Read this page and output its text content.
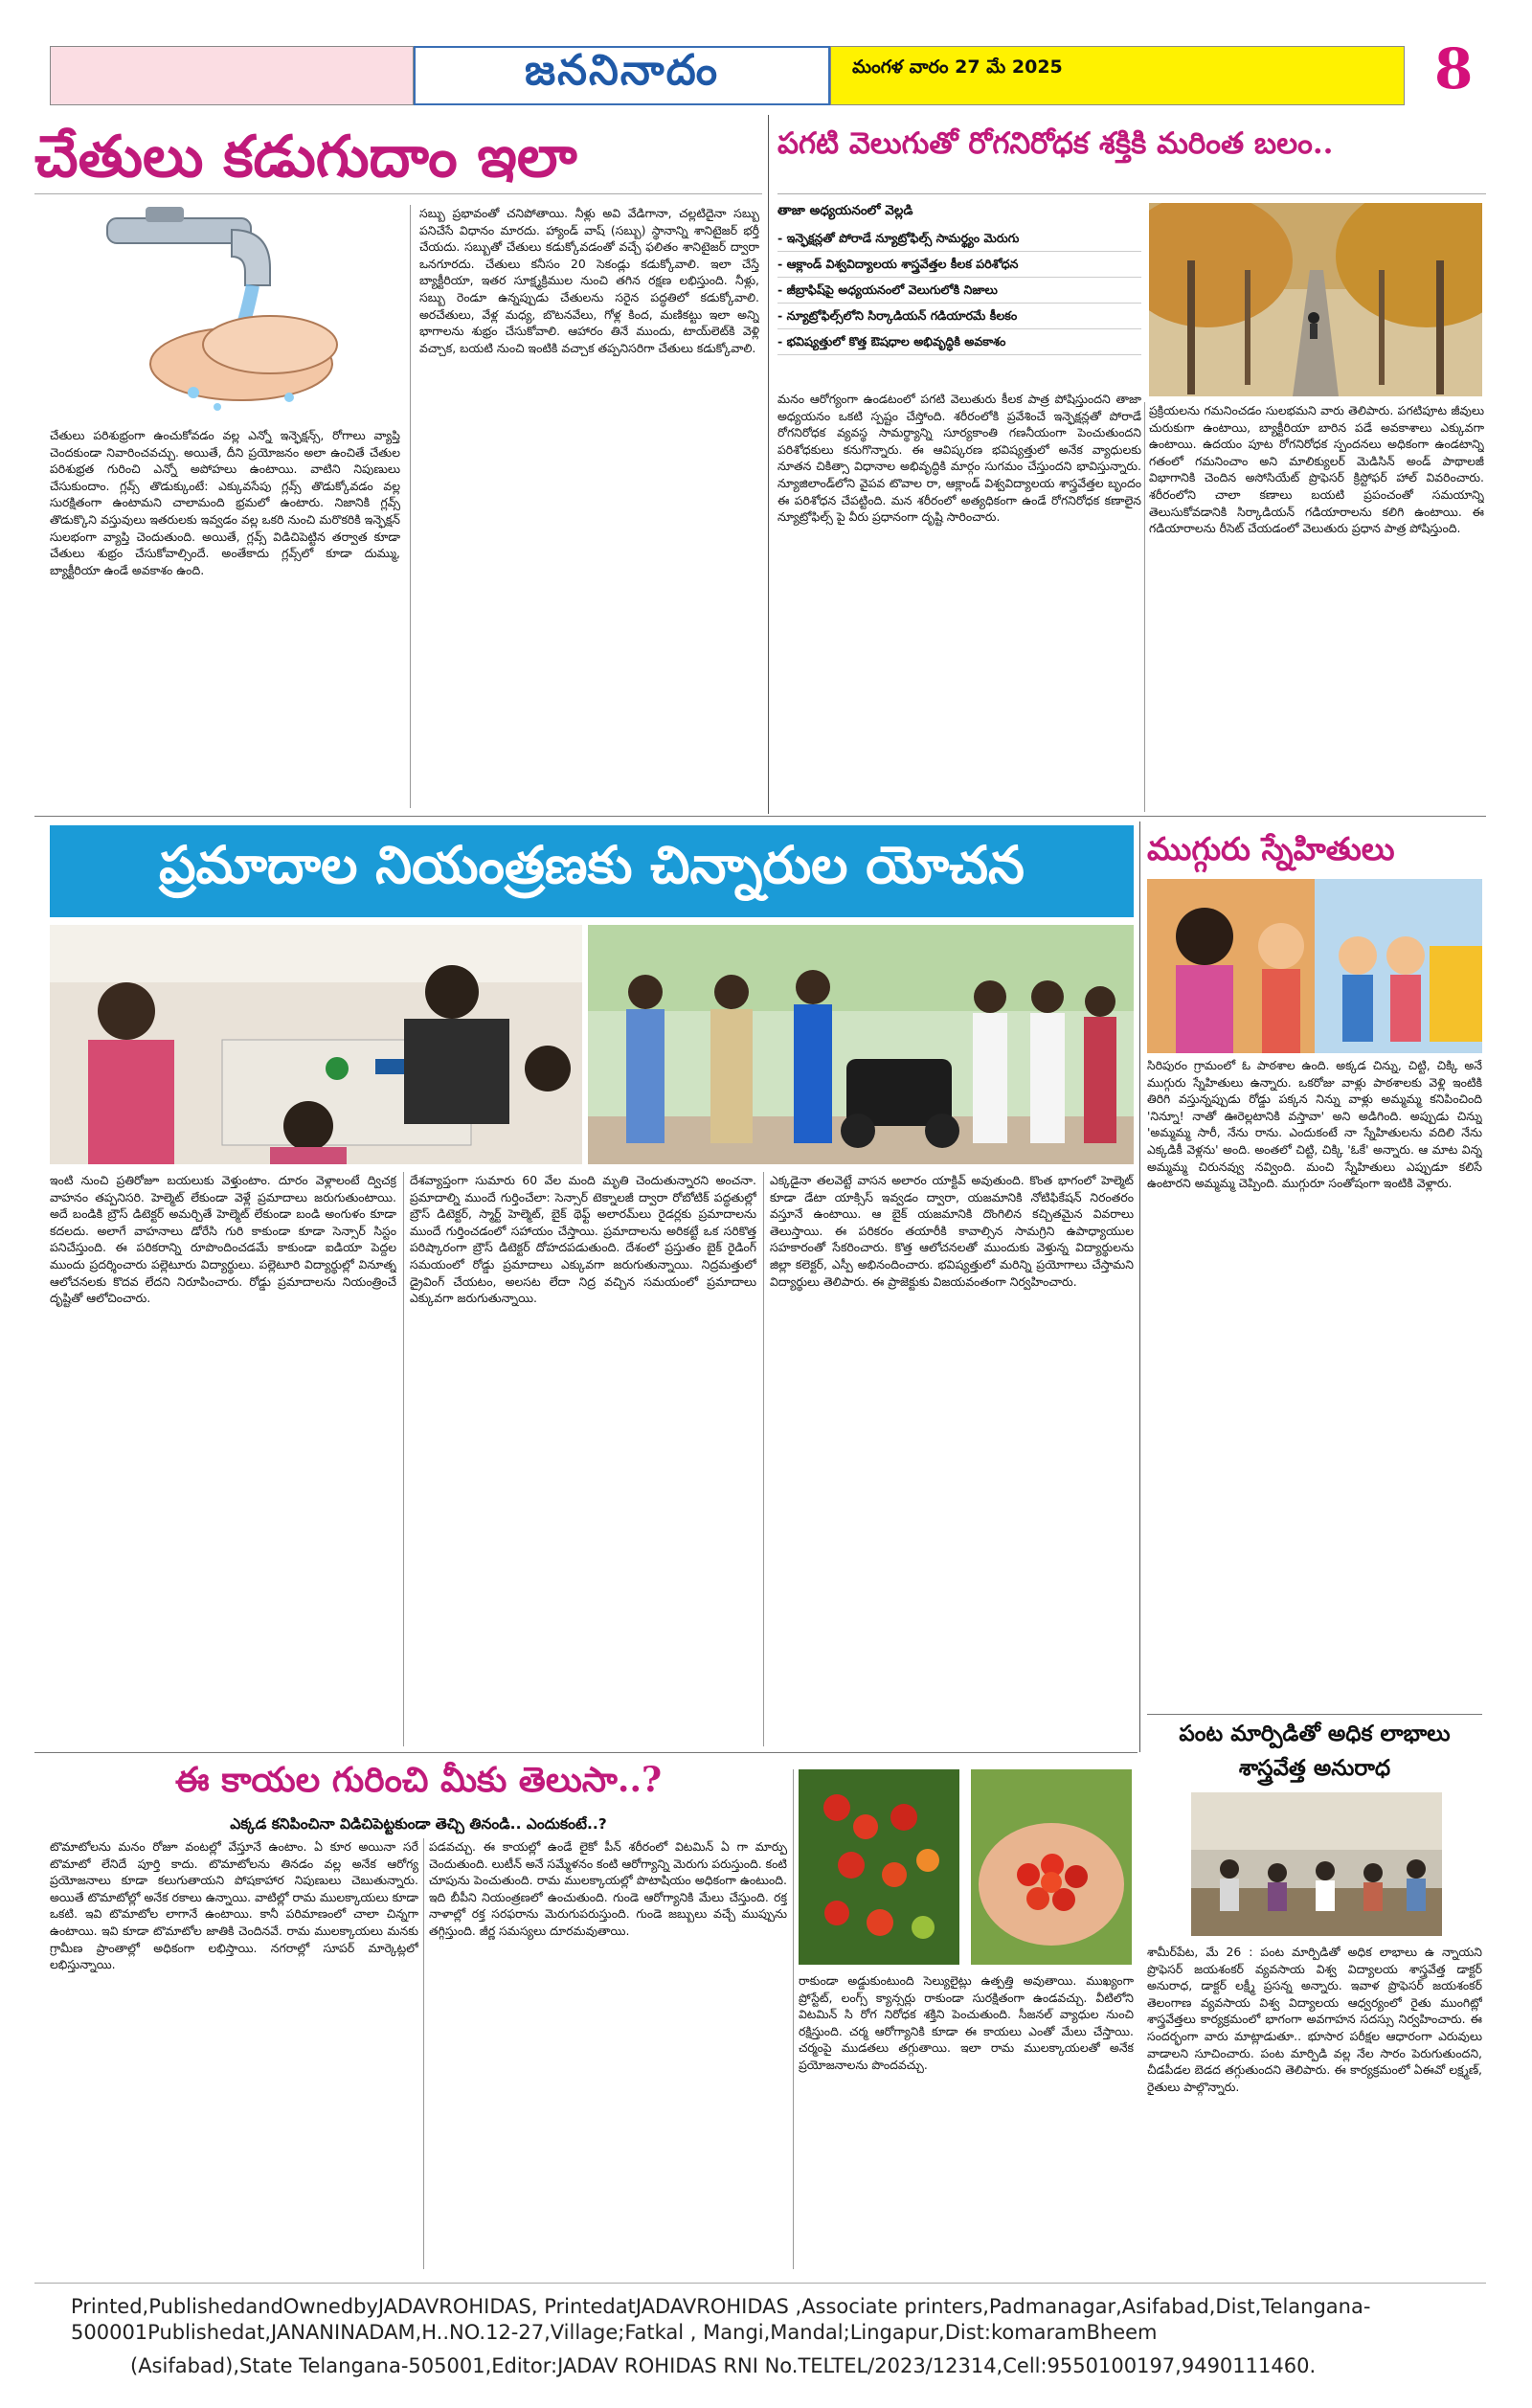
జననినాదం	మంగళ వారం 27 మే 2025	8
చేతులు కడుగుదాం ఇలా
చేతులు పరిశుభ్రంగా ఉంచుకోవడం వల్ల ఎన్నో ఇన్ఫెక్షన్స్, రోగాలు వ్యాప్తి చెందకుండా నివారించవచ్చు. అయితే, దీని ప్రయోజనం అలా ఉంచితే చేతుల పరిశుభ్రత గురించి ఎన్నో అపోహలు ఉంటాయి. వాటిని నిపుణులు చేసుకుందాం. గ్లవ్స్ తొడుక్కుంటే: ఎక్కువసేపు గ్లవ్స్ తొడుక్కోవడం వల్ల సురక్షితంగా ఉంటామని చాలామంది భ్రమలో ఉంటారు. నిజానికి గ్లవ్స్ తొడుక్కొని వస్తువులు ఇతరులకు ఇవ్వడం వల్ల ఒకరి నుంచి మరొకరికి ఇన్ఫెక్షన్ సులభంగా వ్యాప్తి చెందుతుంది. అయితే, గ్లవ్స్ విడిచిపెట్టిన తర్వాత కూడా చేతులు శుభ్రం చేసుకోవాల్సిందే. అంతేకాదు గ్లవ్స్‌లో కూడా దుమ్ము, బ్యాక్టీరియా ఉండే అవకాశం ఉంది.
సబ్బు ప్రభావంతో చనిపోతాయి. నీళ్లు అవి వేడిగానా, చల్లటిదైనా సబ్బు పనిచేసే విధానం మారదు. హ్యాండ్ వాష్ (సబ్బు) స్థానాన్ని శానిటైజర్ భర్తీ చేయదు. సబ్బుతో చేతులు కడుక్కోవడంతో వచ్చే ఫలితం శానిటైజర్ ద్వారా ఒనగూరదు. చేతులు కనీసం 20 సెకండ్లు కడుక్కోవాలి. ఇలా చేస్తే బ్యాక్టీరియా, ఇతర సూక్ష్మక్రిముల నుంచి తగిన రక్షణ లభిస్తుంది. నీళ్లు, సబ్బు రెండూ ఉన్నప్పుడు చేతులను సరైన పద్ధతిలో కడుక్కోవాలి. అరచేతులు, వేళ్ల మధ్య, బొటనవేలు, గోళ్ల కింద, మణికట్టు ఇలా అన్ని భాగాలను శుభ్రం చేసుకోవాలి. ఆహారం తినే ముందు, టాయ్‌లెట్‌కి వెళ్లి వచ్చాక, బయటి నుంచి ఇంటికి వచ్చాక తప్పనిసరిగా చేతులు కడుక్కోవాలి.
పగటి వెలుగుతో రోగనిరోధక శక్తికి మరింత బలం..
తాజా అధ్యయనంలో వెల్లడి
- ఇన్ఫెక్షన్లతో పోరాడే న్యూట్రోఫిల్స్ సామర్థ్యం మెరుగు
- ఆక్లాండ్ విశ్వవిద్యాలయ శాస్త్రవేత్తల కీలక పరిశోధన
- జీబ్రాఫిష్‌పై అధ్యయనంలో వెలుగులోకి నిజాలు
- న్యూట్రోఫిల్స్‌లోని సిర్కాడియన్ గడియారమే కీలకం
- భవిష్యత్తులో కొత్త ఔషధాల అభివృద్ధికి అవకాశం
మనం ఆరోగ్యంగా ఉండటంలో పగటి వెలుతురు కీలక పాత్ర పోషిస్తుందని తాజా అధ్యయనం ఒకటి స్పష్టం చేస్తోంది. శరీరంలోకి ప్రవేశించే ఇన్ఫెక్షన్లతో పోరాడే రోగనిరోధక వ్యవస్థ సామర్థ్యాన్ని సూర్యకాంతి గణనీయంగా పెంచుతుందని పరిశోధకులు కనుగొన్నారు. ఈ ఆవిష్కరణ భవిష్యత్తులో అనేక వ్యాధులకు నూతన చికిత్సా విధానాల అభివృద్ధికి మార్గం సుగమం చేస్తుందని భావిస్తున్నారు. న్యూజిలాండ్‌లోని వైపవ టొవాల రా, ఆక్లాండ్ విశ్వవిద్యాలయ శాస్త్రవేత్తల బృందం ఈ పరిశోధన చేపట్టింది. మన శరీరంలో అత్యధికంగా ఉండే రోగనిరోధక కణాలైన న్యూట్రోఫిల్స్ పై వీరు ప్రధానంగా దృష్టి సారించారు.
ప్రక్రియలను గమనించడం సులభమని వారు తెలిపారు. పగటిపూట జీవులు చురుకుగా ఉంటాయి, బ్యాక్టీరియా బారిన పడే అవకాశాలు ఎక్కువగా ఉంటాయి. ఉదయం పూట రోగనిరోధక స్పందనలు అధికంగా ఉండటాన్ని గతంలో గమనించాం అని మాలిక్యులర్ మెడిసిన్ అండ్ పాథాలజీ విభాగానికి చెందిన అసోసియేట్ ప్రొఫెసర్ క్రిస్టోఫర్ హాల్ వివరించారు. శరీరంలోని చాలా కణాలు బయటి ప్రపంచంతో సమయాన్ని తెలుసుకోవడానికి సిర్కాడియన్ గడియారాలను కలిగి ఉంటాయి. ఈ గడియారాలను రీసెట్ చేయడంలో వెలుతురు ప్రధాన పాత్ర పోషిస్తుంది.
ప్రమాదాల నియంత్రణకు చిన్నారుల యోచన
ఇంటి నుంచి ప్రతిరోజూ బయలుకు వెళ్తుంటాం. దూరం వెళ్లాలంటే ద్విచక్ర వాహనం తప్పనిసరి. హెల్మెట్ లేకుండా వెళ్లే ప్రమాదాలు జరుగుతుంటాయి. అదే బండికి బ్రౌస్ డిటెక్టర్ అమర్చితే హెల్మెట్ లేకుండా బండి అంగుళం కూడా కదలదు. అలాగే వాహనాలు డోరేసి గురి కాకుండా కూడా సెన్సార్ సిస్టం పనిచేస్తుంది. ఈ పరికరాన్ని రూపొందించడమే కాకుండా ఐడియా పెద్దల ముందు ప్రదర్శించారు పల్లెటూరు విద్యార్థులు. పల్లెటూరి విద్యార్థుల్లో వినూత్న ఆలోచనలకు కొదవ లేదని నిరూపించారు. రోడ్డు ప్రమాదాలను నియంత్రించే దృష్టితో ఆలోచించారు.
దేశవ్యాప్తంగా సుమారు 60 వేల మంది మృతి చెందుతున్నారని అంచనా. ప్రమాదాల్ని ముందే గుర్తించేలా: సెన్సార్ టెక్నాలజీ ద్వారా రోబోటిక్ పద్ధతుల్లో బ్రౌస్ డిటెక్టర్, స్మార్ట్ హెల్మెట్, బైక్ థెఫ్ట్ అలారమ్‌లు రైడర్లకు ప్రమాదాలను ముందే గుర్తించడంలో సహాయం చేస్తాయి. ప్రమాదాలను అరికట్టే ఒక సరికొత్త పరిష్కారంగా బ్రౌస్ డిటెక్టర్ దోహదపడుతుంది. దేశంలో ప్రస్తుతం బైక్ రైడింగ్ సమయంలో రోడ్డు ప్రమాదాలు ఎక్కువగా జరుగుతున్నాయి. నిద్రమత్తులో డ్రైవింగ్ చేయటం, అలసట లేదా నిద్ర వచ్చిన సమయంలో ప్రమాదాలు ఎక్కువగా జరుగుతున్నాయి.
ఎక్కడైనా తలవెట్టే వాసన అలారం యాక్టివ్ అవుతుంది. కొంత భాగంలో హెల్మెట్ కూడా డేటా యాక్సిస్ ఇవ్వడం ద్వారా, యజమానికి నోటిఫికేషన్ నిరంతరం వస్తూనే ఉంటాయి. ఆ బైక్ యజమానికి దొంగిలిన కచ్చితమైన వివరాలు తెలుస్తాయి. ఈ పరికరం తయారీకి కావాల్సిన సామగ్రిని ఉపాధ్యాయుల సహకారంతో సేకరించారు. కొత్త ఆలోచనలతో ముందుకు వెళ్తున్న విద్యార్థులను జిల్లా కలెక్టర్, ఎస్పీ అభినందించారు. భవిష్యత్తులో మరిన్ని ప్రయోగాలు చేస్తామని విద్యార్థులు తెలిపారు. ఈ ప్రాజెక్టుకు విజయవంతంగా నిర్వహించారు.
ముగ్గురు స్నేహితులు
సిరిపురం గ్రామంలో ఓ పాఠశాల ఉంది. అక్కడ చిన్ను, చిట్టి, చిక్కి అనే ముగ్గురు స్నేహితులు ఉన్నారు. ఒకరోజు వాళ్లు పాఠశాలకు వెళ్లి ఇంటికి తిరిగి వస్తున్నప్పుడు రోడ్డు పక్కన నిన్ను వాళ్లు అమ్మమ్మ కనిపించింది 'నిన్నూ! నాతో ఊరెల్లటానికి వస్తావా' అని అడిగింది. అప్పుడు చిన్ను 'అమ్మమ్మ సారీ, నేను రాను. ఎందుకంటే నా స్నేహితులను వదిలి నేను ఎక్కడికీ వెళ్లను' అంది. అంతలో చిట్టి, చిక్కి 'ఓకే' అన్నారు. ఆ మాట విన్న అమ్మమ్మ చిరునవ్వు నవ్వింది. మంచి స్నేహితులు ఎప్పుడూ కలిసే ఉంటారని అమ్మమ్మ చెప్పింది. ముగ్గురూ సంతోషంగా ఇంటికి వెళ్లారు.
పంట మార్పిడితో అధిక లాభాలు
శాస్త్రవేత్త అనురాధ
శామీర్‌పేట, మే 26 : పంట మార్పిడితో అధిక లాభాలు ఉ న్నాయని ప్రొఫెసర్ జయశంకర్ వ్యవసాయ విశ్వ విద్యాలయ శాస్త్రవేత్త డాక్టర్ అనురాధ, డాక్టర్ లక్ష్మీ ప్రసన్న అన్నారు. ఇవాళ ప్రొఫెసర్ జయశంకర్ తెలంగాణ వ్యవసాయ విశ్వ విద్యాలయ ఆధ్వర్యంలో రైతు ముంగిట్లో శాస్త్రవేత్తలు కార్యక్రమంలో భాగంగా అవగాహన సదస్సు నిర్వహించారు. ఈ సందర్భంగా వారు మాట్లాడుతూ.. భూసార పరీక్షల ఆధారంగా ఎరువులు వాడాలని సూచించారు. పంట మార్పిడి వల్ల నేల సారం పెరుగుతుందని, చీడపీడల బెడద తగ్గుతుందని తెలిపారు. ఈ కార్యక్రమంలో ఏఈవో లక్ష్మణ్, రైతులు పాల్గొన్నారు.
ఈ కాయల గురించి మీకు తెలుసా..?
ఎక్కడ కనిపించినా విడిచిపెట్టకుండా తెచ్చి తినండి.. ఎందుకంటే..?
టొమాటోలను మనం రోజూ వంటల్లో వేస్తూనే ఉంటాం. ఏ కూర అయినా సరే టొమాటో లేనిదే పూర్తి కాదు. టొమాటోలను తినడం వల్ల అనేక ఆరోగ్య ప్రయోజనాలు కూడా కలుగుతాయని పోషకాహార నిపుణులు చెబుతున్నారు. అయితే టొమాటోల్లో అనేక రకాలు ఉన్నాయి. వాటిల్లో రామ ములక్కాయలు కూడా ఒకటి. ఇవి టొమాటోల లాగానే ఉంటాయి. కానీ పరిమాణంలో చాలా చిన్నగా ఉంటాయి. ఇవి కూడా టొమాటోల జాతికి చెందినవే. రామ ములక్కాయలు మనకు గ్రామీణ ప్రాంతాల్లో అధికంగా లభిస్తాయి. నగరాల్లో సూపర్ మార్కెట్లలో లభిస్తున్నాయి.
పడవచ్చు. ఈ కాయల్లో ఉండే లైకో పీన్ శరీరంలో విటమిన్ ఏ గా మార్పు చెందుతుంది. లుటీన్ అనే సమ్మేళనం కంటి ఆరోగ్యాన్ని మెరుగు పరుస్తుంది. కంటి చూపును పెంచుతుంది. రామ ములక్కాయల్లో పొటాషియం అధికంగా ఉంటుంది. ఇది బీపీని నియంత్రణలో ఉంచుతుంది. గుండె ఆరోగ్యానికి మేలు చేస్తుంది. రక్త నాళాల్లో రక్త సరఫరాను మెరుగుపరుస్తుంది. గుండె జబ్బులు వచ్చే ముప్పును తగ్గిస్తుంది. జీర్ణ సమస్యలు దూరమవుతాయి.
రాకుండా అడ్డుకుంటుంది సెల్యులైట్లు ఉత్పత్తి అవుతాయి. ముఖ్యంగా ప్రోస్టేట్, లంగ్స్ క్యాన్సర్లు రాకుండా సురక్షితంగా ఉండవచ్చు. వీటిలోని విటమిన్ సి రోగ నిరోధక శక్తిని పెంచుతుంది. సీజనల్ వ్యాధుల నుంచి రక్షిస్తుంది. చర్మ ఆరోగ్యానికి కూడా ఈ కాయలు ఎంతో మేలు చేస్తాయి. చర్మంపై ముడతలు తగ్గుతాయి. ఇలా రామ ములక్కాయలతో అనేక ప్రయోజనాలను పొందవచ్చు.
Printed,PublishedandOwnedbyJADAVROHIDAS, PrintedatJADAVROHIDAS ,Associate printers,Padmanagar,Asifabad,Dist,Telangana-500001Publishedat,JANANINADAM,H..NO.12-27,Village;Fatkal , Mangi,Mandal;Lingapur,Dist:komaramBheem
(Asifabad),State Telangana-505001,Editor:JADAV ROHIDAS RNI No.TELTEL/2023/12314,Cell:9550100197,9490111460.
